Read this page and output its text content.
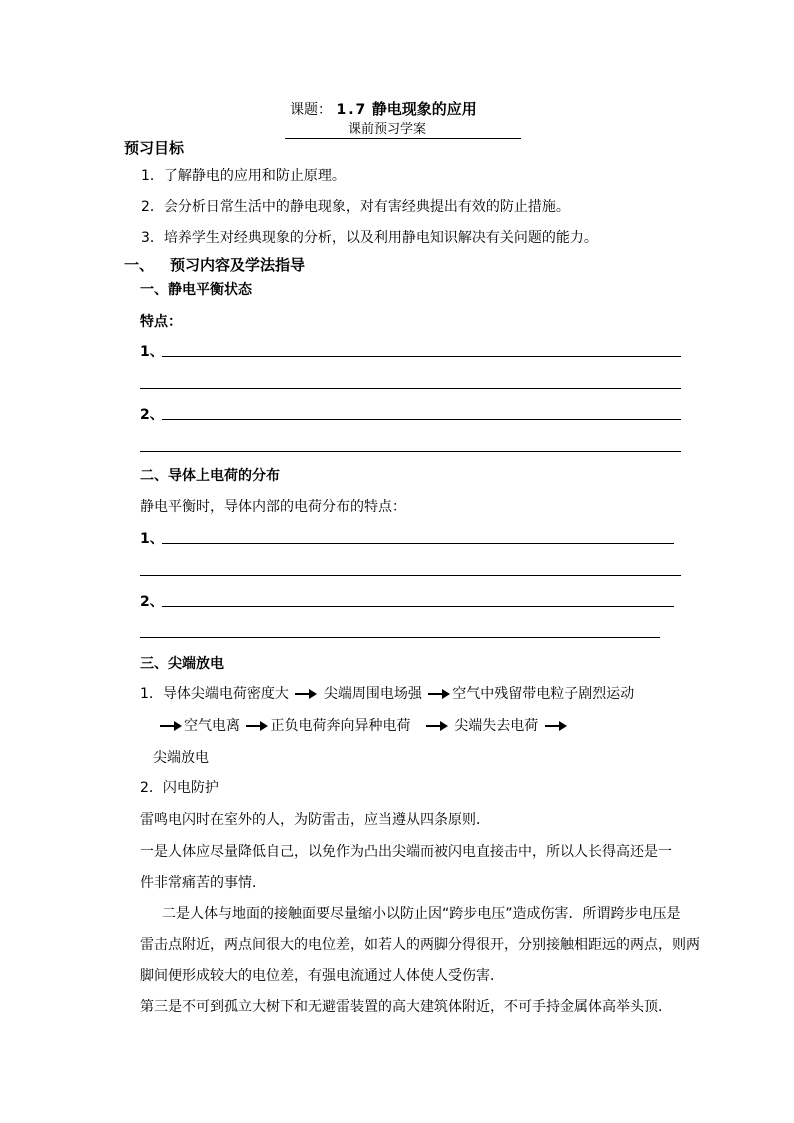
课题： 1.7 静电现象的应用
课前预习学案
预习目标
1．了解静电的应用和防止原理。
2．会分析日常生活中的静电现象，对有害经典提出有效的防止措施。
3．培养学生对经典现象的分析，以及利用静电知识解决有关问题的能力。
一、 预习内容及学法指导
一、静电平衡状态
特点：
1、
2、
二、导体上电荷的分布
静电平衡时，导体内部的电荷分布的特点：
1、
2、
三、尖端放电
1．导体尖端电荷密度大 尖端周围电场强 空气中残留带电粒子剧烈运动
空气电离 正负电荷奔向异种电荷	尖端失去电荷
尖端放电
2．闪电防护
雷鸣电闪时在室外的人，为防雷击，应当遵从四条原则．
一是人体应尽量降低自己，以免作为凸出尖端而被闪电直接击中，所以人长得高还是一
件非常痛苦的事情．
二是人体与地面的接触面要尽量缩小以防止因“跨步电压”造成伤害．所谓跨步电压是
雷击点附近，两点间很大的电位差，如若人的两脚分得很开，分别接触相距远的两点，则两
脚间便形成较大的电位差，有强电流通过人体使人受伤害．
第三是不可到孤立大树下和无避雷装置的高大建筑体附近，不可手持金属体高举头顶．
